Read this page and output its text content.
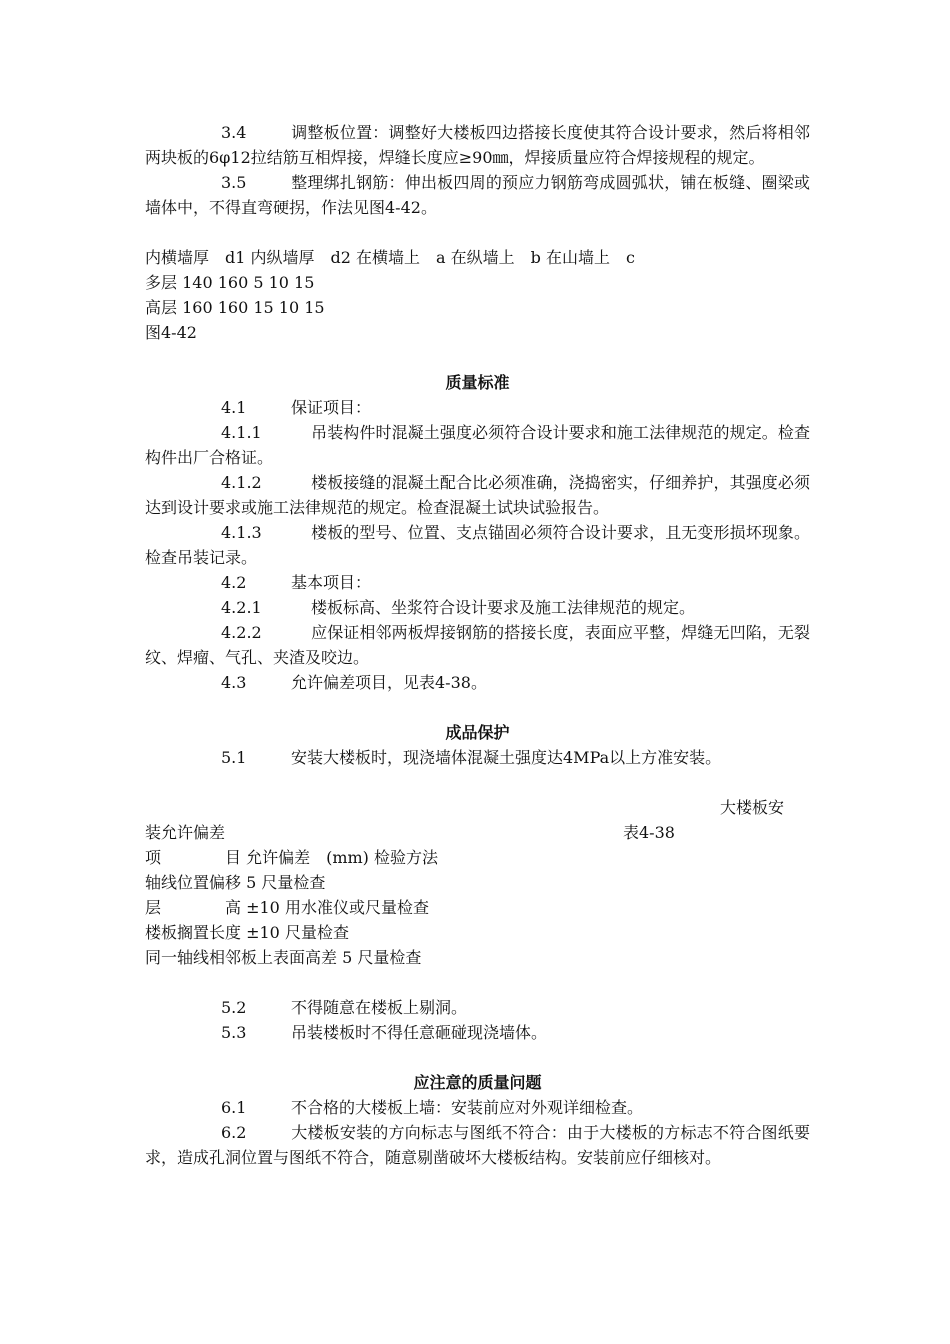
3.4	调整板位置：调整好大楼板四边搭接长度使其符合设计要求，然后将相邻两块板的6φ12拉结筋互相焊接，焊缝长度应≥90㎜，焊接质量应符合焊接规程的规定。

3.5	整理绑扎钢筋：伸出板四周的预应力钢筋弯成圆弧状，铺在板缝、圈梁或墙体中，不得直弯硬拐，作法见图4-42。

内横墙厚　d1 内纵墙厚　d2 在横墙上　a 在纵墙上　b 在山墙上　c

多层 140 160 5 10 15

高层 160 160 15 10 15

图4-42

质量标准

4.1	保证项目：

4.1.1	吊装构件时混凝土强度必须符合设计要求和施工法律规范的规定。检查构件出厂合格证。

4.1.2	楼板接缝的混凝土配合比必须准确，浇捣密实，仔细养护，其强度必须达到设计要求或施工法律规范的规定。检查混凝土试块试验报告。

4.1.3	楼板的型号、位置、支点锚固必须符合设计要求，且无变形损坏现象。检查吊装记录。

4.2	基本项目：

4.2.1	楼板标高、坐浆符合设计要求及施工法律规范的规定。

4.2.2	应保证相邻两板焊接钢筋的搭接长度，表面应平整，焊缝无凹陷，无裂纹、焊瘤、气孔、夹渣及咬边。

4.3	允许偏差项目，见表4-38。

成品保护

5.1	安装大楼板时，现浇墙体混凝土强度达4MPa以上方准安装。

大楼板安
装允许偏差	表4-38

项　　　　目 允许偏差　(mm) 检验方法

轴线位置偏移 5 尺量检查

层　　　　高 ±10 用水准仪或尺量检查

楼板搁置长度 ±10 尺量检查

同一轴线相邻板上表面高差 5 尺量检查

5.2	不得随意在楼板上剔洞。

5.3	吊装楼板时不得任意砸碰现浇墙体。

应注意的质量问题

6.1	不合格的大楼板上墙：安装前应对外观详细检查。

6.2	大楼板安装的方向标志与图纸不符合：由于大楼板的方标志不符合图纸要求，造成孔洞位置与图纸不符合，随意剔凿破坏大楼板结构。安装前应仔细核对。
